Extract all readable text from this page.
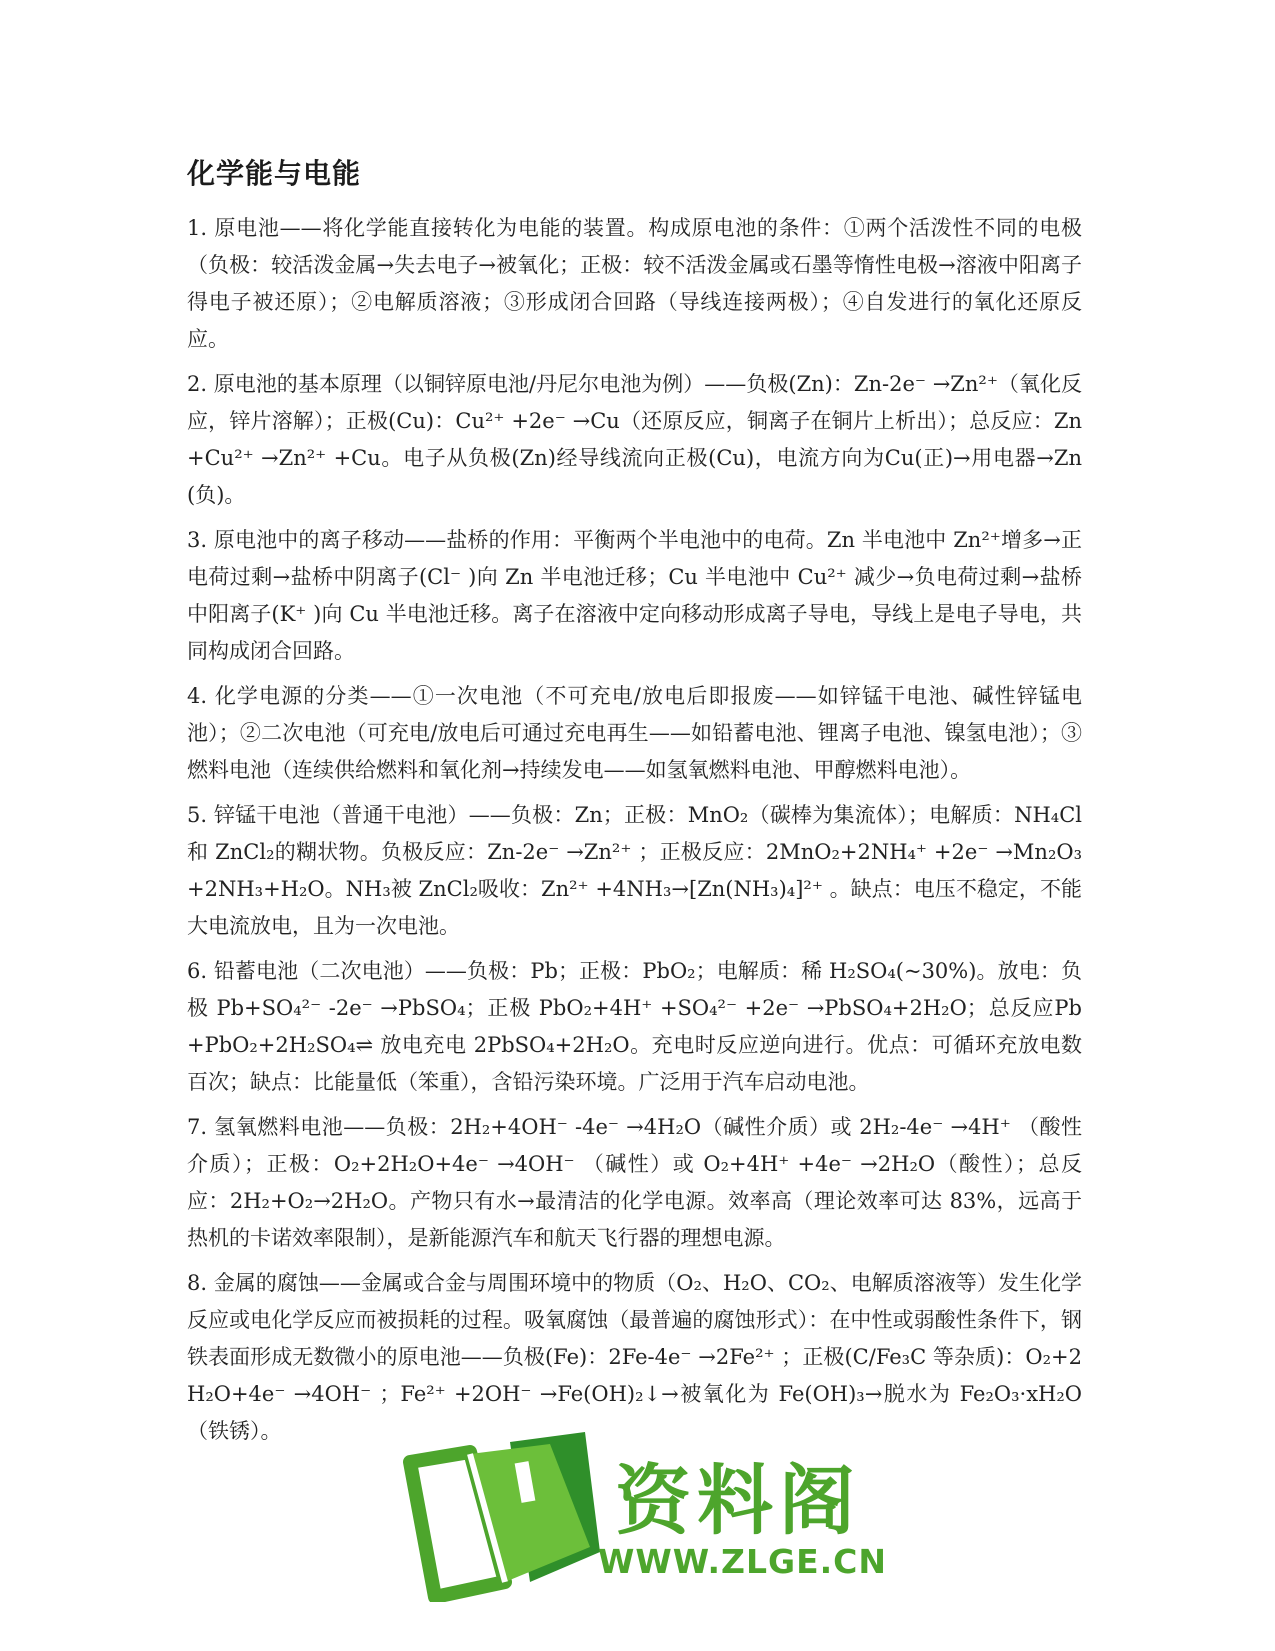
化学能与电能

1. 原电池——将化学能直接转化为电能的装置。构成原电池的条件：①两个活泼性不同的电极（负极：较活泼金属→失去电子→被氧化；正极：较不活泼金属或石墨等惰性电极→溶液中阳离子得电子被还原）；②电解质溶液；③形成闭合回路（导线连接两极）；④自发进行的氧化还原反应。

2. 原电池的基本原理（以铜锌原电池/丹尼尔电池为例）——负极(Zn)：Zn-2e⁻ →Zn²⁺（氧化反应，锌片溶解）；正极(Cu)：Cu²⁺ +2e⁻ →Cu（还原反应，铜离子在铜片上析出）；总反应：Zn+Cu²⁺ →Zn²⁺ +Cu。电子从负极(Zn)经导线流向正极(Cu)，电流方向为Cu(正)→用电器→Zn(负)。

3. 原电池中的离子移动——盐桥的作用：平衡两个半电池中的电荷。Zn 半电池中 Zn²⁺增多→正电荷过剩→盐桥中阴离子(Cl⁻ )向 Zn 半电池迁移；Cu 半电池中 Cu²⁺ 减少→负电荷过剩→盐桥中阳离子(K⁺ )向 Cu 半电池迁移。离子在溶液中定向移动形成离子导电，导线上是电子导电，共同构成闭合回路。

4. 化学电源的分类——①一次电池（不可充电/放电后即报废——如锌锰干电池、碱性锌锰电池）；②二次电池（可充电/放电后可通过充电再生——如铅蓄电池、锂离子电池、镍氢电池）；③燃料电池（连续供给燃料和氧化剂→持续发电——如氢氧燃料电池、甲醇燃料电池）。

5. 锌锰干电池（普通干电池）——负极：Zn；正极：MnO₂（碳棒为集流体）；电解质：NH₄Cl 和 ZnCl₂的糊状物。负极反应：Zn-2e⁻ →Zn²⁺ ；正极反应：2MnO₂+2NH₄⁺ +2e⁻ →Mn₂O₃+2NH₃+H₂O。NH₃被 ZnCl₂吸收：Zn²⁺ +4NH₃→[Zn(NH₃)₄]²⁺ 。缺点：电压不稳定，不能大电流放电，且为一次电池。

6. 铅蓄电池（二次电池）——负极：Pb；正极：PbO₂；电解质：稀 H₂SO₄(~30%)。放电：负极 Pb+SO₄²⁻ -2e⁻ →PbSO₄；正极 PbO₂+4H⁺ +SO₄²⁻ +2e⁻ →PbSO₄+2H₂O；总反应Pb+PbO₂+2H₂SO₄⇌ 放电充电 2PbSO₄+2H₂O。充电时反应逆向进行。优点：可循环充放电数百次；缺点：比能量低（笨重），含铅污染环境。广泛用于汽车启动电池。

7. 氢氧燃料电池——负极：2H₂+4OH⁻ -4e⁻ →4H₂O（碱性介质）或 2H₂-4e⁻ →4H⁺ （酸性介质）；正极：O₂+2H₂O+4e⁻ →4OH⁻ （碱性）或 O₂+4H⁺ +4e⁻ →2H₂O（酸性）；总反应：2H₂+O₂→2H₂O。产物只有水→最清洁的化学电源。效率高（理论效率可达 83%，远高于热机的卡诺效率限制），是新能源汽车和航天飞行器的理想电源。

8. 金属的腐蚀——金属或合金与周围环境中的物质（O₂、H₂O、CO₂、电解质溶液等）发生化学反应或电化学反应而被损耗的过程。吸氧腐蚀（最普遍的腐蚀形式）：在中性或弱酸性条件下，钢铁表面形成无数微小的原电池——负极(Fe)：2Fe-4e⁻ →2Fe²⁺ ；正极(C/Fe₃C 等杂质)：O₂+2H₂O+4e⁻ →4OH⁻ ；Fe²⁺ +2OH⁻ →Fe(OH)₂↓→被氧化为 Fe(OH)₃→脱水为 Fe₂O₃·xH₂O（铁锈）。

资料阁
WWW.ZLGE.CN
